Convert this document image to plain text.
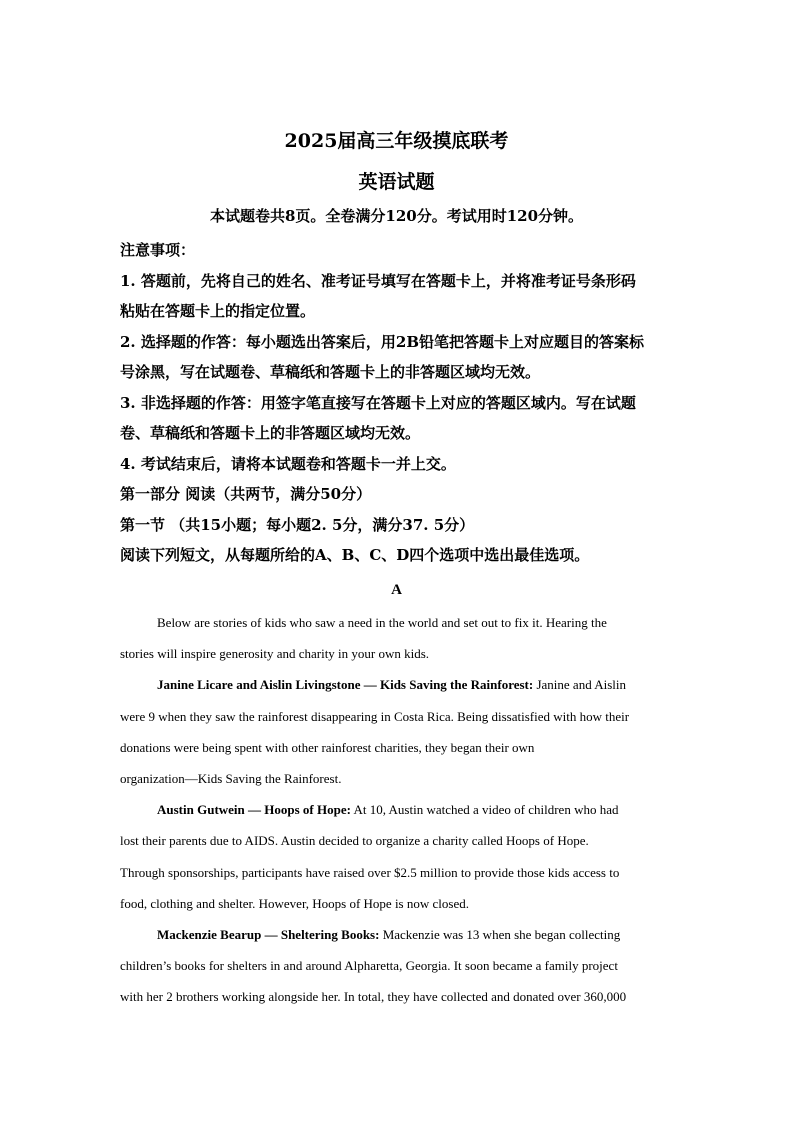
2025届高三年级摸底联考
英语试题
本试题卷共8页。全卷满分120分。考试用时120分钟。
注意事项：
1. 答题前，先将自己的姓名、准考证号填写在答题卡上，并将准考证号条形码
粘贴在答题卡上的指定位置。
2. 选择题的作答：每小题选出答案后，用2B铅笔把答题卡上对应题目的答案标
号涂黑，写在试题卷、草稿纸和答题卡上的非答题区域均无效。
3. 非选择题的作答：用签字笔直接写在答题卡上对应的答题区域内。写在试题
卷、草稿纸和答题卡上的非答题区域均无效。
4. 考试结束后，请将本试题卷和答题卡一并上交。
第一部分 阅读（共两节，满分50分）
第一节 （共15小题；每小题2. 5分，满分37. 5分）
阅读下列短文，从每题所给的A、B、C、D四个选项中选出最佳选项。
A
Below are stories of kids who saw a need in the world and set out to fix it. Hearing the
stories will inspire generosity and charity in your own kids.
Janine Licare and Aislin Livingstone — Kids Saving the Rainforest: Janine and Aislin
were 9 when they saw the rainforest disappearing in Costa Rica. Being dissatisfied with how their
donations were being spent with other rainforest charities, they began their own
organization—Kids Saving the Rainforest.
Austin Gutwein — Hoops of Hope: At 10, Austin watched a video of children who had
lost their parents due to AIDS. Austin decided to organize a charity called Hoops of Hope.
Through sponsorships, participants have raised over $2.5 million to provide those kids access to
food, clothing and shelter. However, Hoops of Hope is now closed.
Mackenzie Bearup — Sheltering Books: Mackenzie was 13 when she began collecting
children’s books for shelters in and around Alpharetta, Georgia. It soon became a family project
with her 2 brothers working alongside her. In total, they have collected and donated over 360,000
